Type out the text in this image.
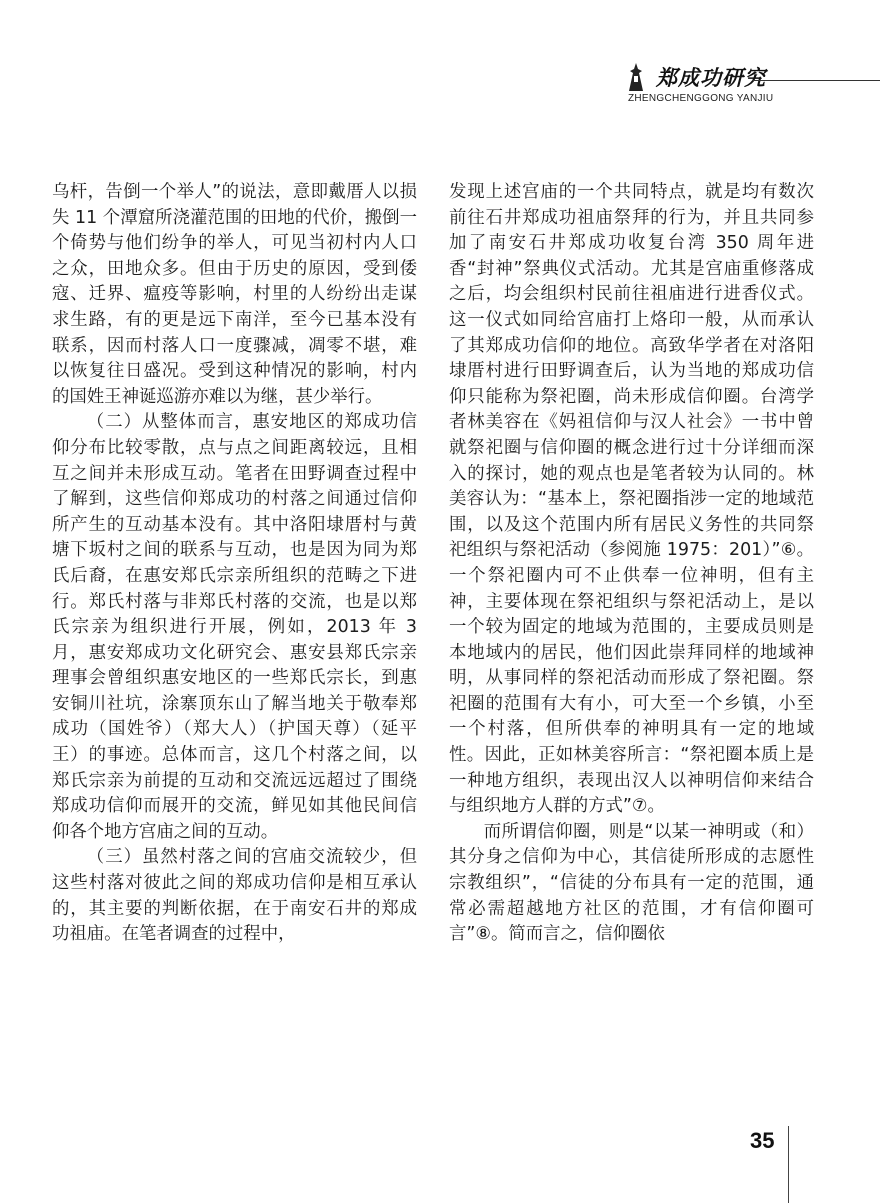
郑成功研究
ZHENGCHENGGONG YANJIU

乌杆，告倒一个举人”的说法，意即戴厝人以损失 11 个潭窟所浇灌范围的田地的代价，搬倒一个倚势与他们纷争的举人，可见当初村内人口之众，田地众多。但由于历史的原因，受到倭寇、迁界、瘟疫等影响，村里的人纷纷出走谋求生路，有的更是远下南洋，至今已基本没有联系，因而村落人口一度骤减，凋零不堪，难以恢复往日盛况。受到这种情况的影响，村内的国姓王神诞巡游亦难以为继，甚少举行。

（二）从整体而言，惠安地区的郑成功信仰分布比较零散，点与点之间距离较远，且相互之间并未形成互动。笔者在田野调查过程中了解到，这些信仰郑成功的村落之间通过信仰所产生的互动基本没有。其中洛阳埭厝村与黄塘下坂村之间的联系与互动，也是因为同为郑氏后裔，在惠安郑氏宗亲所组织的范畴之下进行。郑氏村落与非郑氏村落的交流，也是以郑氏宗亲为组织进行开展，例如，2013 年 3 月，惠安郑成功文化研究会、惠安县郑氏宗亲理事会曾组织惠安地区的一些郑氏宗长，到惠安铜川社坑，涂寨顶东山了解当地关于敬奉郑成功（国姓爷）（郑大人）（护国天尊）（延平王）的事迹。总体而言，这几个村落之间，以郑氏宗亲为前提的互动和交流远远超过了围绕郑成功信仰而展开的交流，鲜见如其他民间信仰各个地方宫庙之间的互动。

（三）虽然村落之间的宫庙交流较少，但这些村落对彼此之间的郑成功信仰是相互承认的，其主要的判断依据，在于南安石井的郑成功祖庙。在笔者调查的过程中，

发现上述宫庙的一个共同特点，就是均有数次前往石井郑成功祖庙祭拜的行为，并且共同参加了南安石井郑成功收复台湾 350 周年进香“封神”祭典仪式活动。尤其是宫庙重修落成之后，均会组织村民前往祖庙进行进香仪式。这一仪式如同给宫庙打上烙印一般，从而承认了其郑成功信仰的地位。高致华学者在对洛阳埭厝村进行田野调查后，认为当地的郑成功信仰只能称为祭祀圈，尚未形成信仰圈。台湾学者林美容在《妈祖信仰与汉人社会》一书中曾就祭祀圈与信仰圈的概念进行过十分详细而深入的探讨，她的观点也是笔者较为认同的。林美容认为：“基本上，祭祀圈指涉一定的地域范围，以及这个范围内所有居民义务性的共同祭祀组织与祭祀活动（参阅施 1975：201）”⑥。一个祭祀圈内可不止供奉一位神明，但有主神，主要体现在祭祀组织与祭祀活动上，是以一个较为固定的地域为范围的，主要成员则是本地域内的居民，他们因此崇拜同样的地域神明，从事同样的祭祀活动而形成了祭祀圈。祭祀圈的范围有大有小，可大至一个乡镇，小至一个村落，但所供奉的神明具有一定的地域性。因此，正如林美容所言：“祭祀圈本质上是一种地方组织，表现出汉人以神明信仰来结合与组织地方人群的方式”⑦。

而所谓信仰圈，则是“以某一神明或（和）其分身之信仰为中心，其信徒所形成的志愿性宗教组织”，“信徒的分布具有一定的范围，通常必需超越地方社区的范围，才有信仰圈可言”⑧。简而言之，信仰圈依

35
